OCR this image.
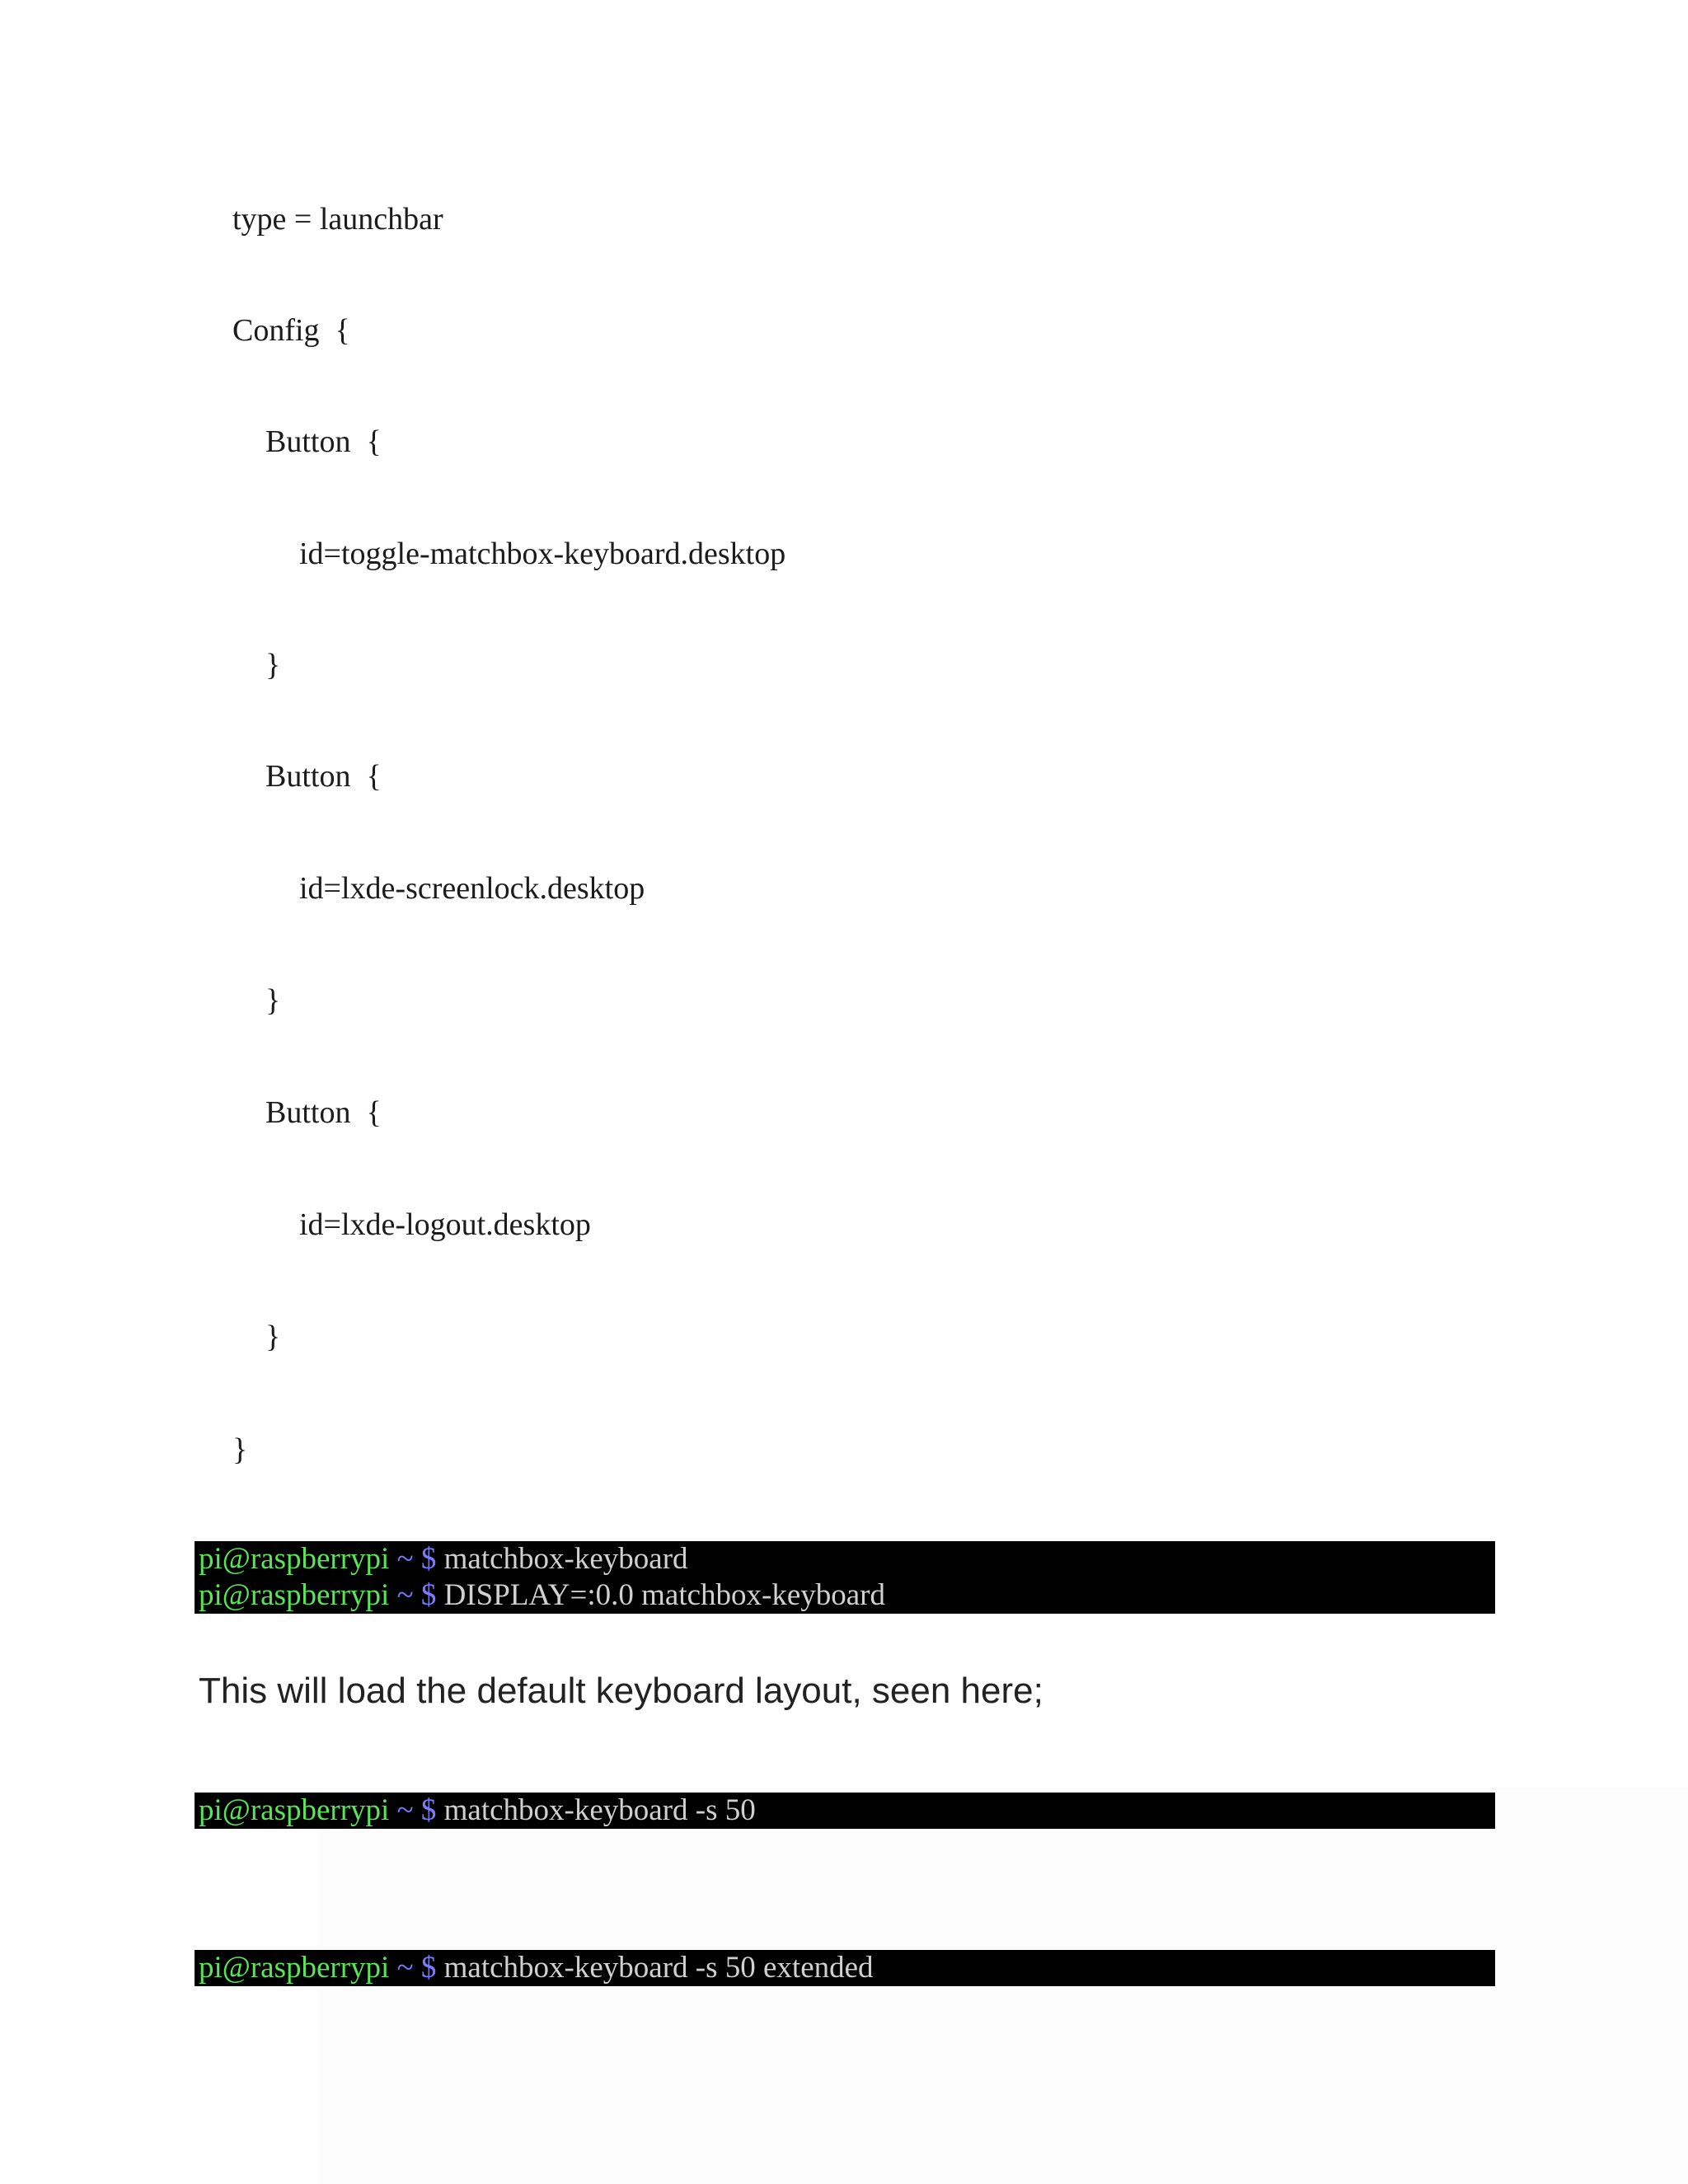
type = launchbar

Config  {

Button  {

id=toggle-matchbox-keyboard.desktop

}

Button  {

id=lxde-screenlock.desktop

}

Button  {

id=lxde-logout.desktop

}

}

pi@raspberrypi ~ $ matchbox-keyboard
pi@raspberrypi ~ $ DISPLAY=:0.0 matchbox-keyboard

This will load the default keyboard layout, seen here;

pi@raspberrypi ~ $ matchbox-keyboard -s 50
pi@raspberrypi ~ $ matchbox-keyboard -s 50 extended
